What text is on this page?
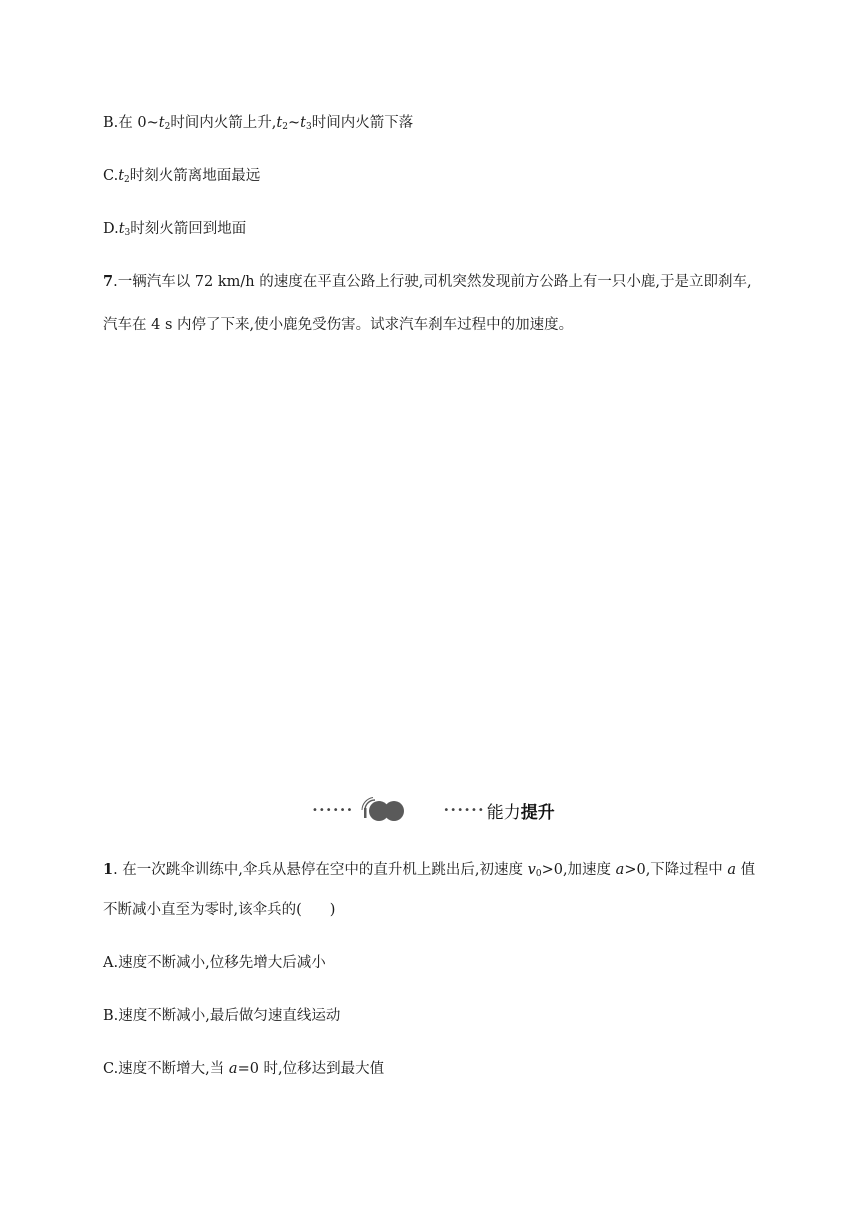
B.在 $0\sim t_2$时间内火箭上升$,t_2\sim t_3$时间内火箭下落

$C.t_2$时刻火箭离地面最远

$D.t_3$时刻火箭回到地面

7.一辆汽车以 72 km/h 的速度在平直公路上行驶,司机突然发现前方公路上有一只小鹿,于是立即刹车,

汽车在 4 s 内停了下来,使小鹿免受伤害。试求汽车刹车过程中的加速度。

••••••	•••••• 能力提升

1. 在一次跳伞训练中,伞兵从悬停在空中的直升机上跳出后,初速度 $v_0>0$,加速度 a>0,下降过程中 a 值

不断减小直至为零时,该伞兵的( )

A.速度不断减小,位移先增大后减小

B.速度不断减小,最后做匀速直线运动

C.速度不断增大,当 a=0 时,位移达到最大值
